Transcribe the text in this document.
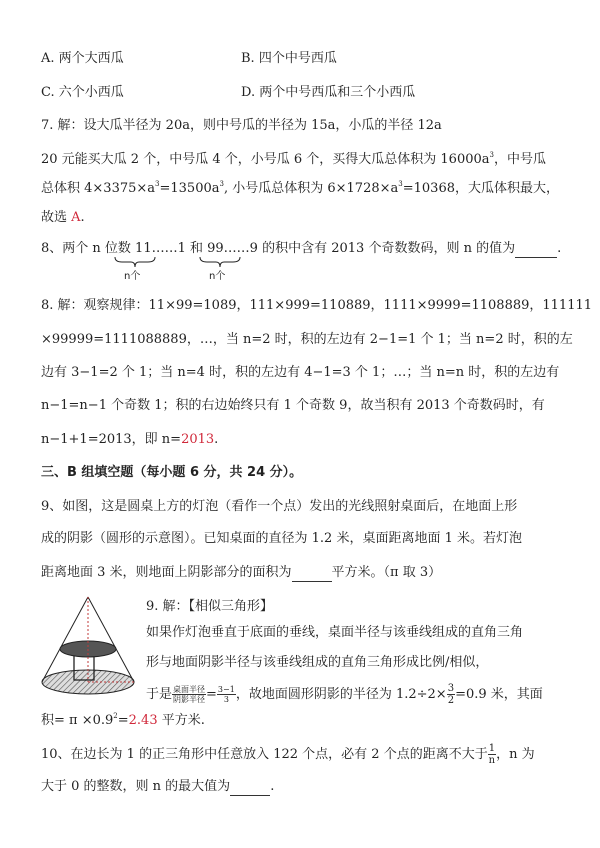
A. 两个大西瓜	B. 四个中号西瓜
C. 六个小西瓜	D. 两个中号西瓜和三个小西瓜
7. 解：设大瓜半径为 20a，则中号瓜的半径为 15a，小瓜的半径 12a
20 元能买大瓜 2 个，中号瓜 4 个，小号瓜 6 个，买得大瓜总体积为 $16000a^3$，中号瓜
总体积 $4\times 3375\times a^3=13500a^3$, 小号瓜总体积为 $6\times 1728\times a^3=10368$，大瓜体积最大，
故选 A.
8、两个 n 位数 11……1 和 99……9 的积中含有 2013 个奇数数码，则 n 的值为	.
n个	n个
8. 解：观察规律：11×99=1089，111×999=110889，1111×9999=1108889，111111
×99999=1111088889，…，当 n=2 时，积的左边有 2−1=1 个 1；当 n=2 时，积的左
边有 3−1=2 个 1；当 n=4 时，积的左边有 4−1=3 个 1；…；当 n=n 时，积的左边有
n−1=n−1 个奇数 1；积的右边始终只有 1 个奇数 9，故当积有 2013 个奇数码时，有
n−1+1=2013，即 n=2013.
三、B 组填空题（每小题 6 分，共 24 分）。
9、如图，这是圆桌上方的灯泡（看作一个点）发出的光线照射桌面后，在地面上形
成的阴影（圆形的示意图）。已知桌面的直径为 1.2 米，桌面距离地面 1 米。若灯泡
距离地面 3 米，则地面上阴影部分的面积为	平方米。（π 取 3）
9. 解：【相似三角形】
如果作灯泡垂直于底面的垂线，桌面半径与该垂线组成的直角三角
形与地面阴影半径与该垂线组成的直角三角形成比例/相似，
于是 $\frac{\text{桌面半径}}{\text{阴影半径}} = \frac{3-1}{3}$ ，故地面圆形阴影的半径为 $1.2\div 2\times \frac{3}{2} =0.9$ 米，其面
积= $\pi \times 0.9^2=2.43$ 平方米.
10、在边长为 1 的正三角形中任意放入 122 个点，必有 2 个点的距离不大于 $\frac{1}{n}$ ，n 为
大于 0 的整数，则 n 的最大值为	.
